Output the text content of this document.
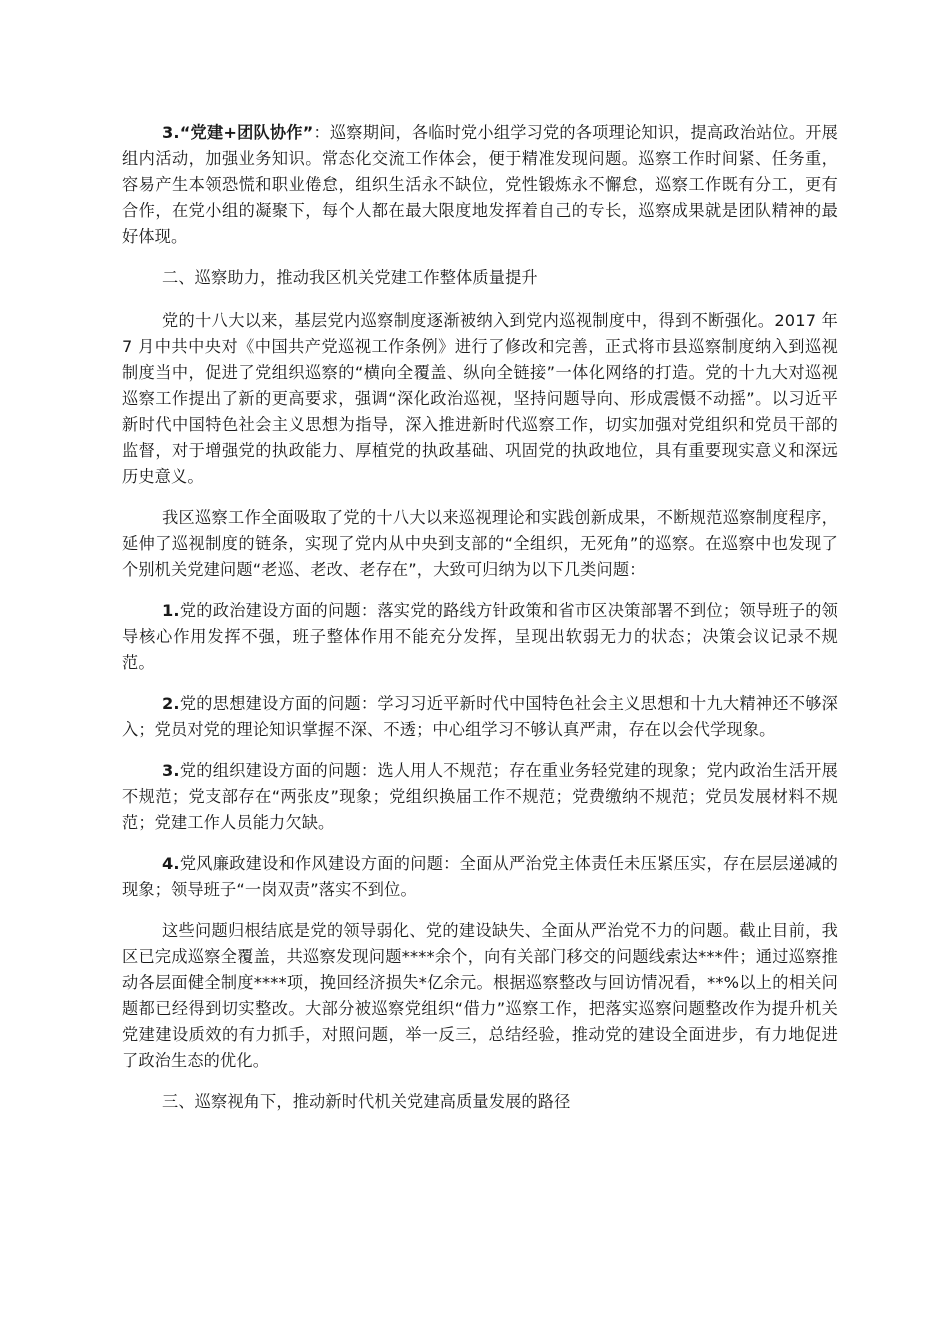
3.“党建+团队协作”：巡察期间，各临时党小组学习党的各项理论知识，提高政治站位。开展组内活动，加强业务知识。常态化交流工作体会，便于精准发现问题。巡察工作时间紧、任务重，容易产生本领恐慌和职业倦怠，组织生活永不缺位，党性锻炼永不懈怠，巡察工作既有分工，更有合作，在党小组的凝聚下，每个人都在最大限度地发挥着自己的专长，巡察成果就是团队精神的最好体现。

二、巡察助力，推动我区机关党建工作整体质量提升

党的十八大以来，基层党内巡察制度逐渐被纳入到党内巡视制度中，得到不断强化。2017 年 7 月中共中央对《中国共产党巡视工作条例》进行了修改和完善，正式将市县巡察制度纳入到巡视制度当中，促进了党组织巡察的“横向全覆盖、纵向全链接”一体化网络的打造。党的十九大对巡视巡察工作提出了新的更高要求，强调“深化政治巡视，坚持问题导向、形成震慑不动摇”。以习近平新时代中国特色社会主义思想为指导，深入推进新时代巡察工作，切实加强对党组织和党员干部的监督，对于增强党的执政能力、厚植党的执政基础、巩固党的执政地位，具有重要现实意义和深远历史意义。

我区巡察工作全面吸取了党的十八大以来巡视理论和实践创新成果，不断规范巡察制度程序，延伸了巡视制度的链条，实现了党内从中央到支部的“全组织，无死角”的巡察。在巡察中也发现了个别机关党建问题“老巡、老改、老存在”，大致可归纳为以下几类问题：

1.党的政治建设方面的问题：落实党的路线方针政策和省市区决策部署不到位；领导班子的领导核心作用发挥不强，班子整体作用不能充分发挥，呈现出软弱无力的状态；决策会议记录不规范。

2.党的思想建设方面的问题：学习习近平新时代中国特色社会主义思想和十九大精神还不够深入；党员对党的理论知识掌握不深、不透；中心组学习不够认真严肃，存在以会代学现象。

3.党的组织建设方面的问题：选人用人不规范；存在重业务轻党建的现象；党内政治生活开展不规范；党支部存在“两张皮”现象；党组织换届工作不规范；党费缴纳不规范；党员发展材料不规范；党建工作人员能力欠缺。

4.党风廉政建设和作风建设方面的问题：全面从严治党主体责任未压紧压实，存在层层递减的现象；领导班子“一岗双责”落实不到位。

这些问题归根结底是党的领导弱化、党的建设缺失、全面从严治党不力的问题。截止目前，我区已完成巡察全覆盖，共巡察发现问题****余个，向有关部门移交的问题线索达***件；通过巡察推动各层面健全制度****项，挽回经济损失*亿余元。根据巡察整改与回访情况看，**%以上的相关问题都已经得到切实整改。大部分被巡察党组织“借力”巡察工作，把落实巡察问题整改作为提升机关党建建设质效的有力抓手，对照问题，举一反三，总结经验，推动党的建设全面进步，有力地促进了政治生态的优化。

三、巡察视角下，推动新时代机关党建高质量发展的路径
